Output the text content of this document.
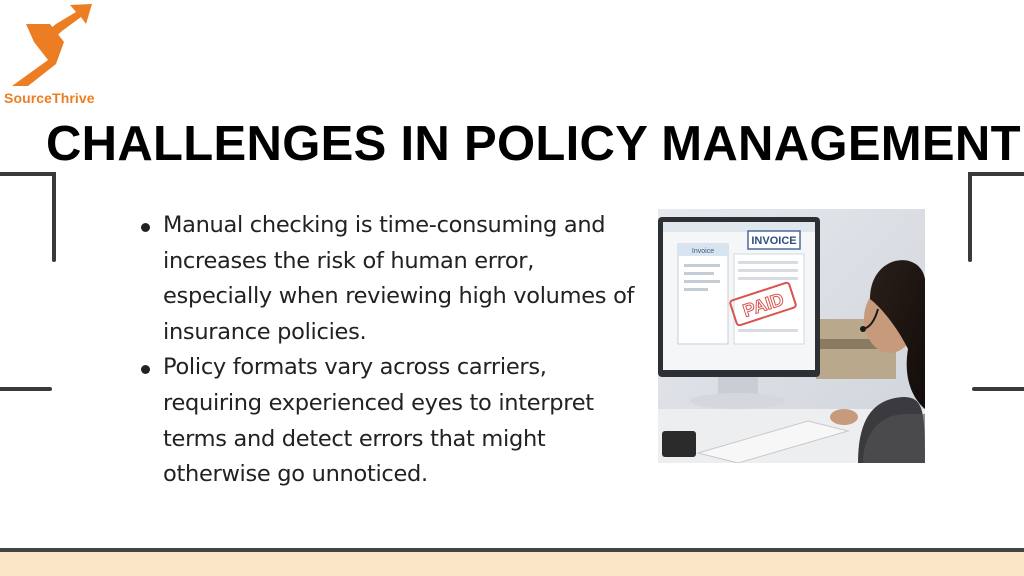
SourceThrive
CHALLENGES IN POLICY MANAGEMENT
Manual checking is time-consuming and increases the risk of human error, especially when reviewing high volumes of insurance policies.
Policy formats vary across carriers, requiring experienced eyes to interpret terms and detect errors that might otherwise go unnoticed.
INVOICE
Invoice
PAID
